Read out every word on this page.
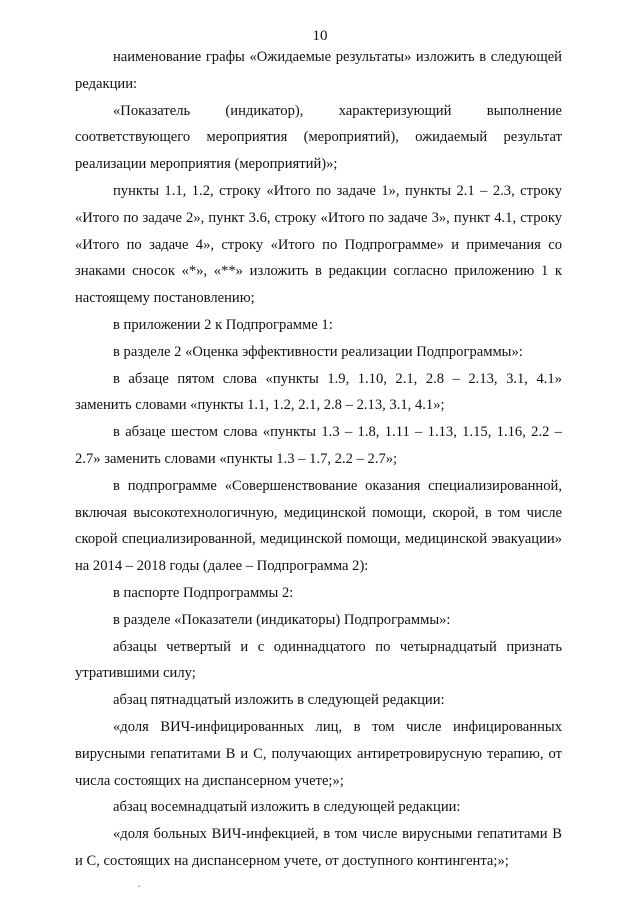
10

наименование графы «Ожидаемые результаты» изложить в следующей редакции:

«Показатель (индикатор), характеризующий выполнение соответствующего мероприятия (мероприятий), ожидаемый результат реализации мероприятия (мероприятий)»;

пункты 1.1, 1.2, строку «Итого по задаче 1», пункты 2.1 – 2.3, строку «Итого по задаче 2», пункт 3.6, строку «Итого по задаче 3», пункт 4.1, строку «Итого по задаче 4», строку «Итого по Подпрограмме» и примечания со знаками сносок «*», «**» изложить в редакции согласно приложению 1 к настоящему постановлению;

в приложении 2 к Подпрограмме 1:

в разделе 2 «Оценка эффективности реализации Подпрограммы»:

в абзаце пятом слова «пункты 1.9, 1.10, 2.1, 2.8 – 2.13, 3.1, 4.1» заменить словами «пункты 1.1, 1.2, 2.1, 2.8 – 2.13, 3.1, 4.1»;

в абзаце шестом слова «пункты 1.3 – 1.8, 1.11 – 1.13, 1.15, 1.16, 2.2 – 2.7» заменить словами «пункты 1.3 – 1.7, 2.2 – 2.7»;

в подпрограмме «Совершенствование оказания специализированной, включая высокотехнологичную, медицинской помощи, скорой, в том числе скорой специализированной, медицинской помощи, медицинской эвакуации» на 2014 – 2018 годы (далее – Подпрограмма 2):

в паспорте Подпрограммы 2:

в разделе «Показатели (индикаторы) Подпрограммы»:

абзацы четвертый и с одиннадцатого по четырнадцатый признать утратившими силу;

абзац пятнадцатый изложить в следующей редакции:

«доля ВИЧ-инфицированных лиц, в том числе инфицированных вирусными гепатитами В и С, получающих антиретровирусную терапию, от числа состоящих на диспансерном учете;»;

абзац восемнадцатый изложить в следующей редакции:

«доля больных ВИЧ-инфекцией, в том числе вирусными гепатитами В и С, состоящих на диспансерном учете, от доступного контингента;»;

·
